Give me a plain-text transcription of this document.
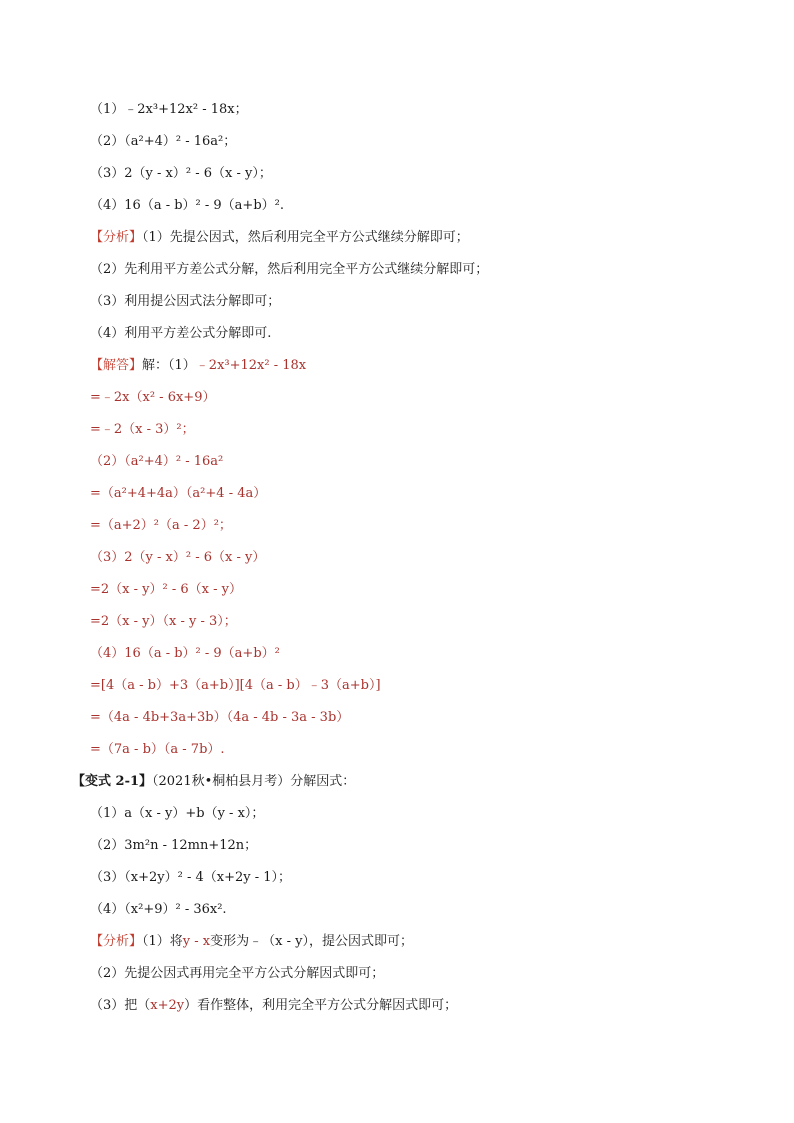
（1）﹣2x³+12x² - 18x；
（2）（a²+4）² - 16a²；
（3）2（y - x）² - 6（x - y）；
（4）16（a - b）² - 9（a+b）².
【分析】（1）先提公因式，然后利用完全平方公式继续分解即可；
（2）先利用平方差公式分解，然后利用完全平方公式继续分解即可；
（3）利用提公因式法分解即可；
（4）利用平方差公式分解即可.
【解答】解：（1）﹣2x³+12x² - 18x
=﹣2x（x² - 6x+9）
=﹣2（x - 3）²；
（2）（a²+4）² - 16a²
=（a²+4+4a）（a²+4 - 4a）
=（a+2）²（a - 2）²；
（3）2（y - x）² - 6（x - y）
=2（x - y）² - 6（x - y）
=2（x - y）（x - y - 3）；
（4）16（a - b）² - 9（a+b）²
=[4（a - b）+3（a+b）][4（a - b）﹣3（a+b）]
=（4a - 4b+3a+3b）（4a - 4b - 3a - 3b）
=（7a - b）（a - 7b）.
【变式 2-1】（2021秋•桐柏县月考）分解因式：
（1）a（x - y）+b（y - x）；
（2）3m²n - 12mn+12n；
（3）（x+2y）² - 4（x+2y - 1）；
（4）（x²+9）² - 36x².
【分析】（1）将y - x变形为﹣（x - y），提公因式即可；
（2）先提公因式再用完全平方公式分解因式即可；
（3）把（x+2y）看作整体，利用完全平方公式分解因式即可；
